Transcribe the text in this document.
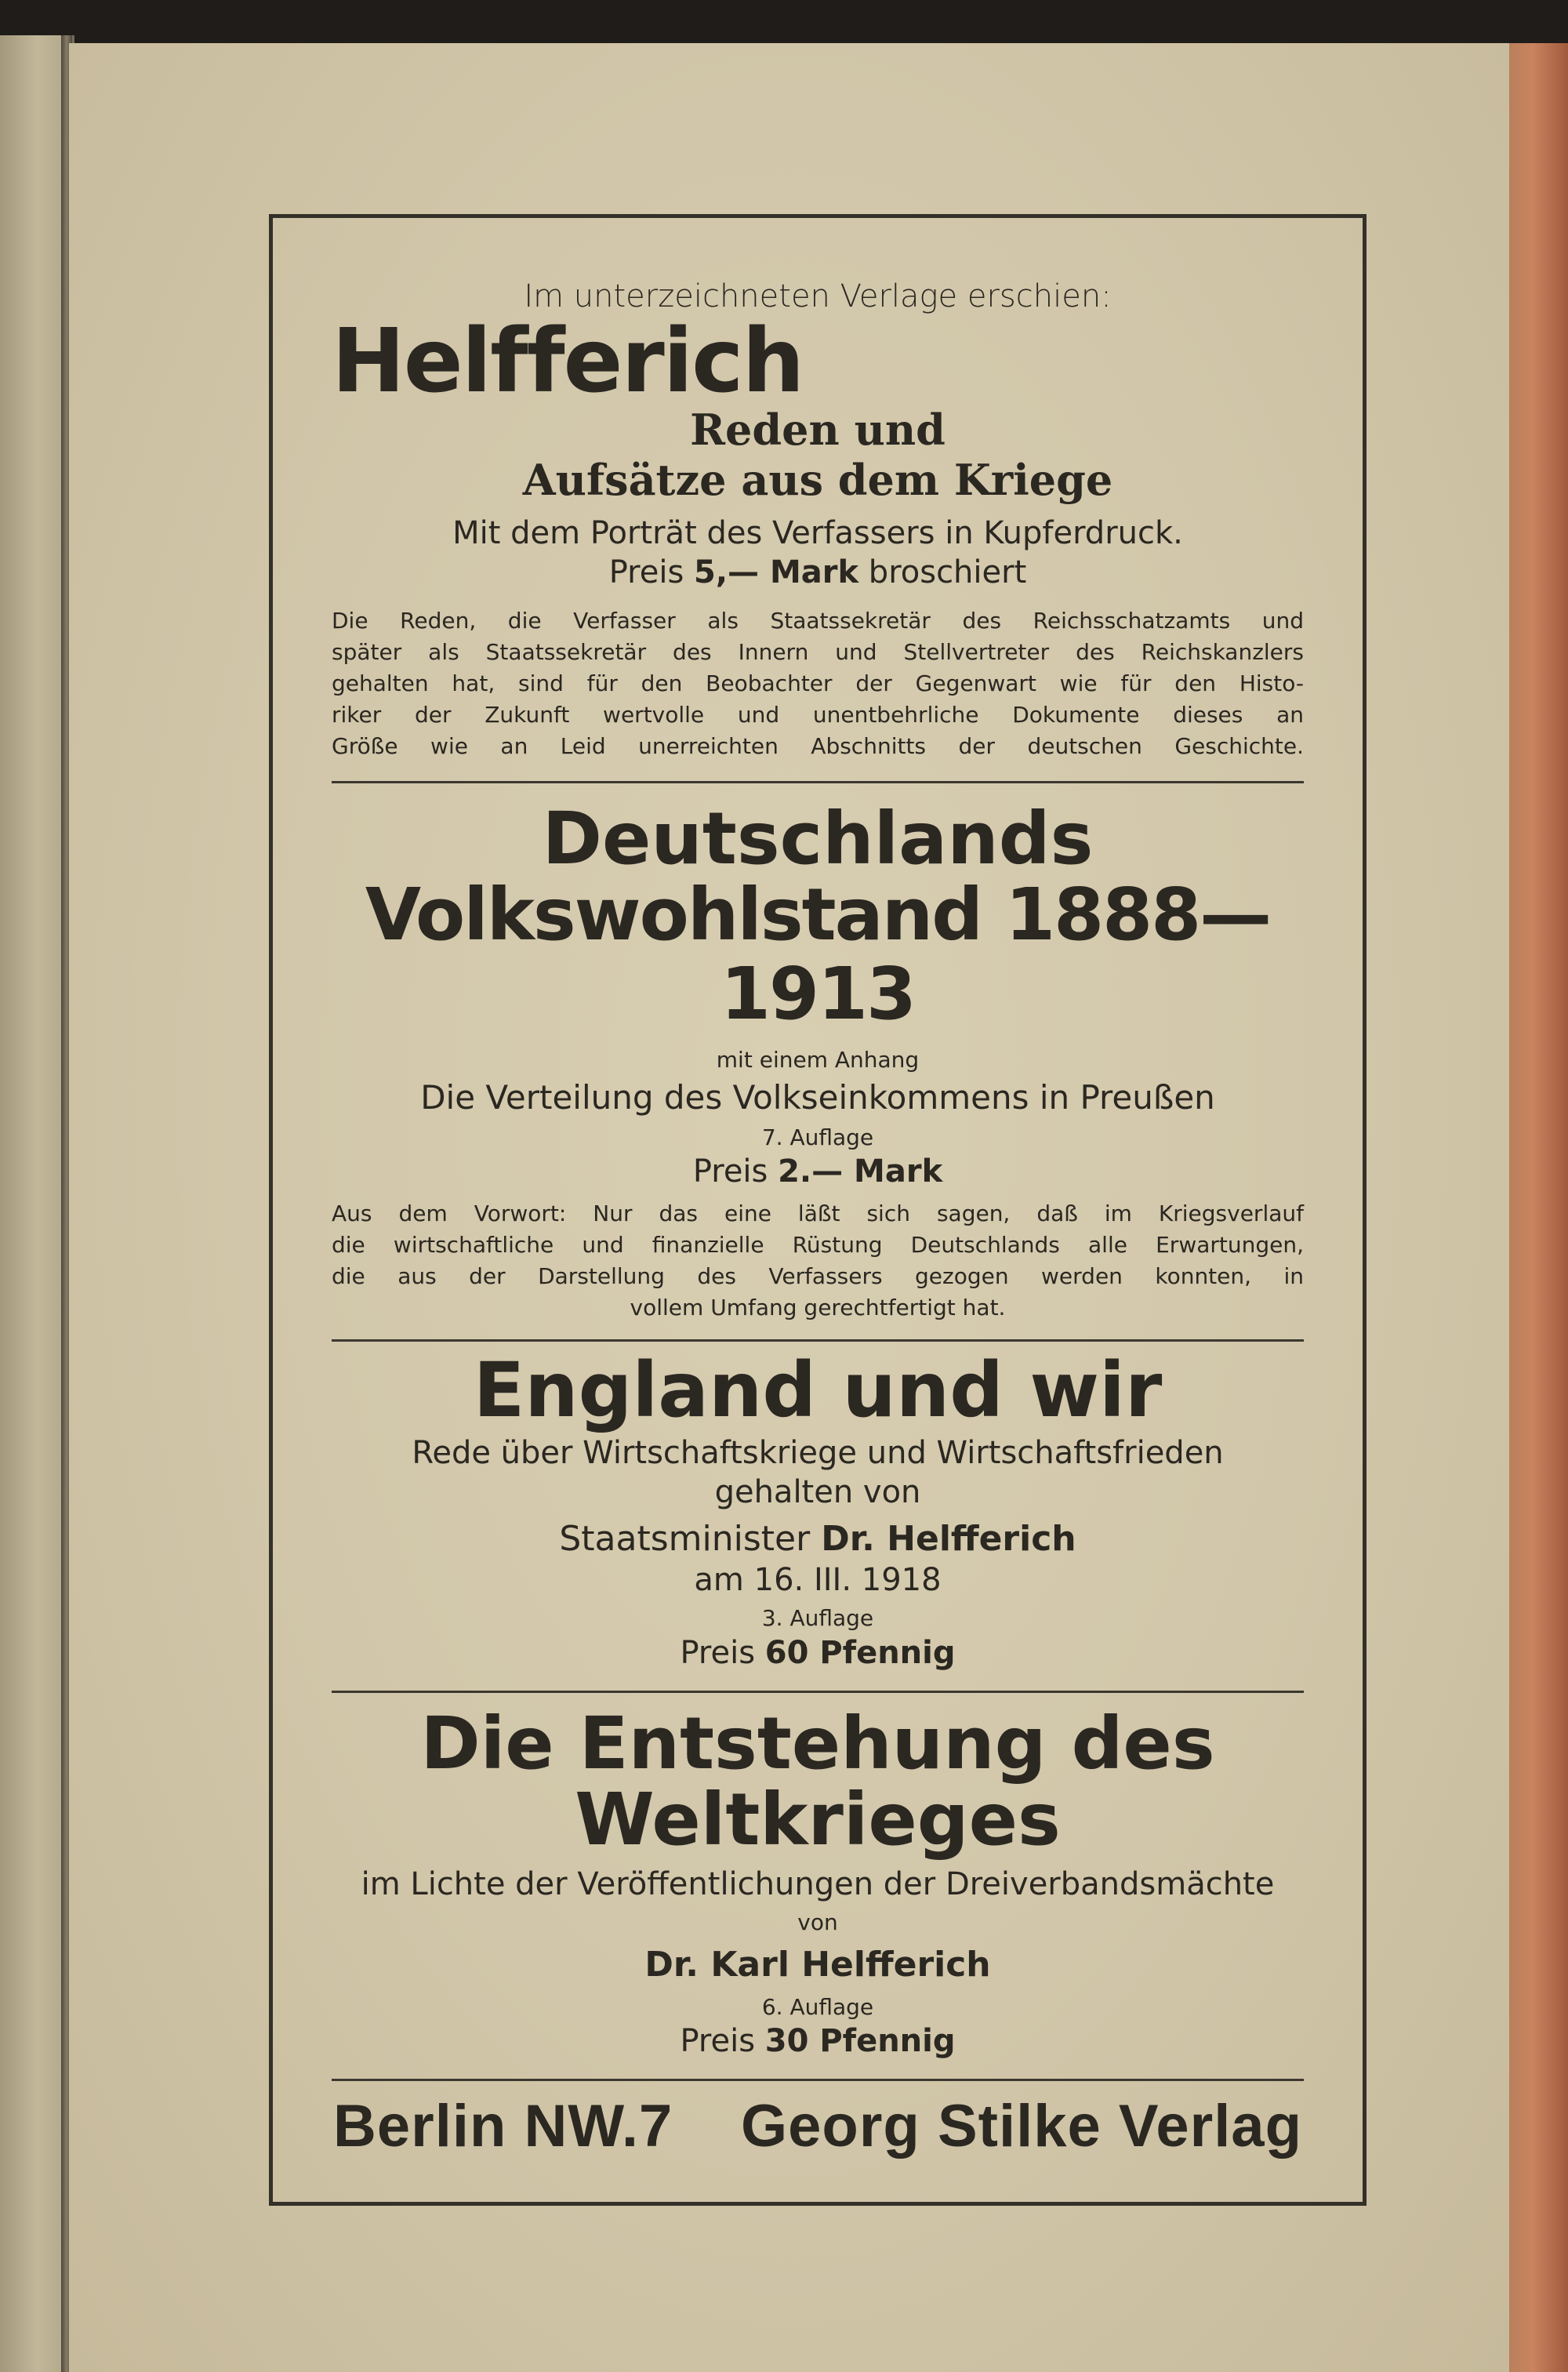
Im unterzeichneten Verlage erschien:

Helfferich

Reden und

Aufsätze aus dem Kriege

Mit dem Porträt des Verfassers in Kupferdruck.

Preis 5,— Mark broschiert

Die Reden, die Verfasser als Staatssekretär des Reichsschatzamts und
später als Staatssekretär des Innern und Stellvertreter des Reichskanzlers
gehalten hat, sind für den Beobachter der Gegenwart wie für den Histo-
riker der Zukunft wertvolle und unentbehrliche Dokumente dieses an
Größe wie an Leid unerreichten Abschnitts der deutschen Geschichte.

Deutschlands

Volkswohlstand 1888—1913

mit einem Anhang

Die Verteilung des Volkseinkommens in Preußen

7. Auflage

Preis 2.— Mark

Aus dem Vorwort: Nur das eine läßt sich sagen, daß im Kriegsverlauf
die wirtschaftliche und finanzielle Rüstung Deutschlands alle Erwartungen,
die aus der Darstellung des Verfassers gezogen werden konnten, in
vollem Umfang gerechtfertigt hat.

England und wir

Rede über Wirtschaftskriege und Wirtschaftsfrieden

gehalten von

Staatsminister Dr. Helfferich

am 16. III. 1918

3. Auflage

Preis 60 Pfennig

Die Entstehung des

Weltkrieges

im Lichte der Veröffentlichungen der Dreiverbandsmächte

von

Dr. Karl Helfferich

6. Auflage

Preis 30 Pfennig

Berlin NW.7 Georg Stilke Verlag
